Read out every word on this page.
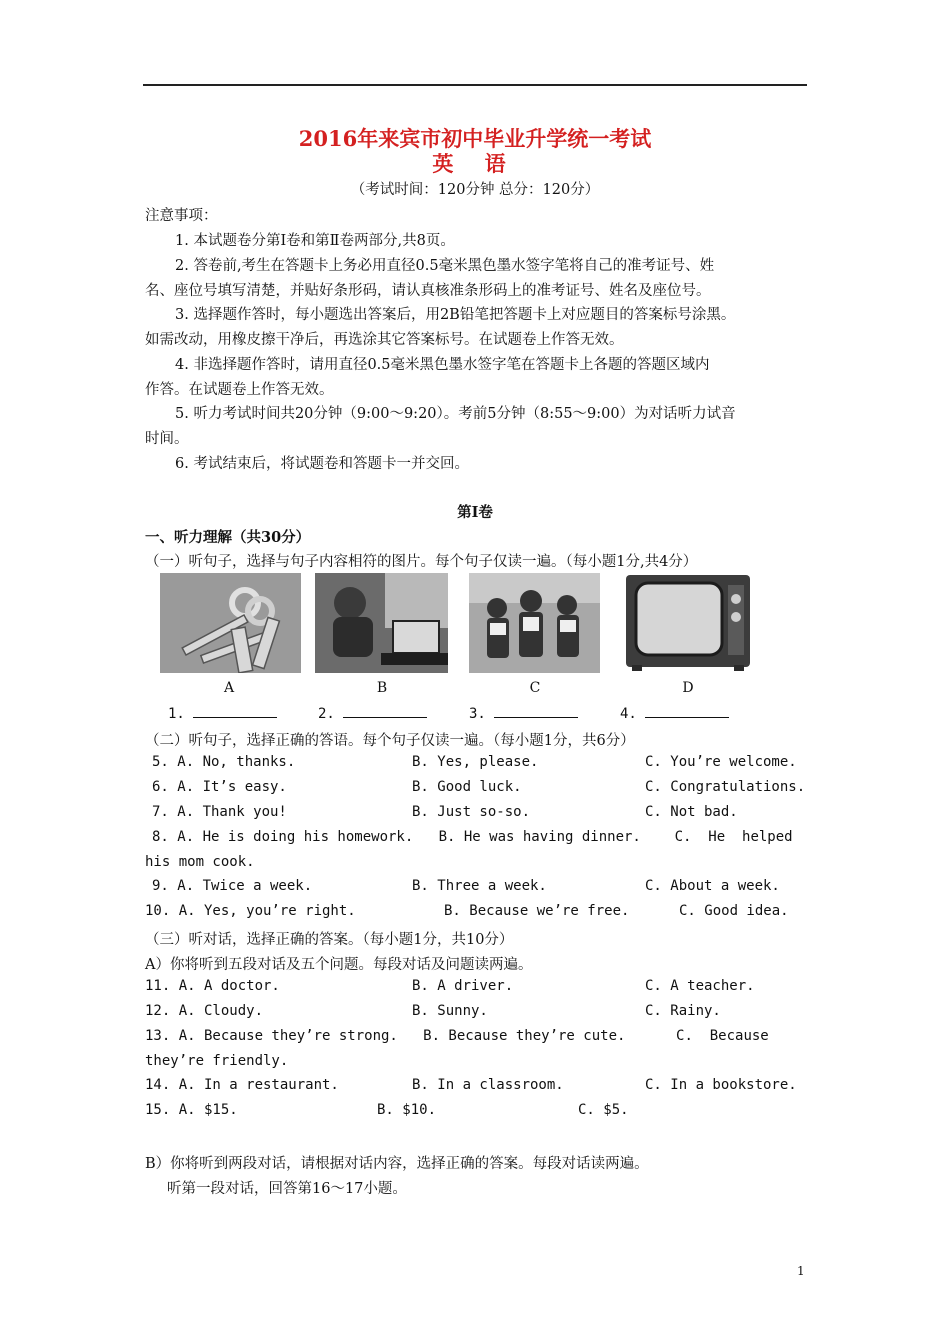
2016年来宾市初中毕业升学统一考试
英 语
（考试时间：120分钟 总分：120分）
注意事项：
1. 本试题卷分第Ⅰ卷和第Ⅱ卷两部分,共8页。
2. 答卷前,考生在答题卡上务必用直径0.5毫米黑色墨水签字笔将自己的准考证号、姓
名、座位号填写清楚，并贴好条形码，请认真核准条形码上的准考证号、姓名及座位号。
3. 选择题作答时，每小题选出答案后，用2B铅笔把答题卡上对应题目的答案标号涂黑。
如需改动，用橡皮擦干净后，再选涂其它答案标号。在试题卷上作答无效。
4. 非选择题作答时，请用直径0.5毫米黑色墨水签字笔在答题卡上各题的答题区域内
作答。在试题卷上作答无效。
5. 听力考试时间共20分钟（9:00～9:20）。考前5分钟（8:55～9:00）为对话听力试音
时间。
6. 考试结束后，将试题卷和答题卡一并交回。
第Ⅰ卷
一、听力理解（共30分）
（一）听句子，选择与句子内容相符的图片。每个句子仅读一遍。（每小题1分,共4分）
A	B	C	D
1.	2.	3.	4.
（二）听句子，选择正确的答语。每个句子仅读一遍。（每小题1分，共6分）
5. A. No, thanks.	B. Yes, please.	C. You’re welcome.
6. A. It’s easy.	B. Good luck.	C. Congratulations.
7. A. Thank you!	B. Just so-so.	C. Not bad.
8. A. He is doing his homework.   B. He was having dinner.    C.  He  helped
his mom cook.
9. A. Twice a week.	B. Three a week.	C. About a week.
10. A. Yes, you’re right.	B. Because we’re free.	C. Good idea.
（三）听对话，选择正确的答案。（每小题1分，共10分）
A）你将听到五段对话及五个问题。每段对话及问题读两遍。
11. A. A doctor.	B. A driver.	C. A teacher.
12. A. Cloudy.	B. Sunny.	C. Rainy.
13. A. Because they’re strong.   B. Because they’re cute.      C.  Because
they’re friendly.
14. A. In a restaurant.	B. In a classroom.	C. In a bookstore.
15. A. $15.	B. $10.	C. $5.
B）你将听到两段对话，请根据对话内容，选择正确的答案。每段对话读两遍。
听第一段对话，回答第16～17小题。
1
